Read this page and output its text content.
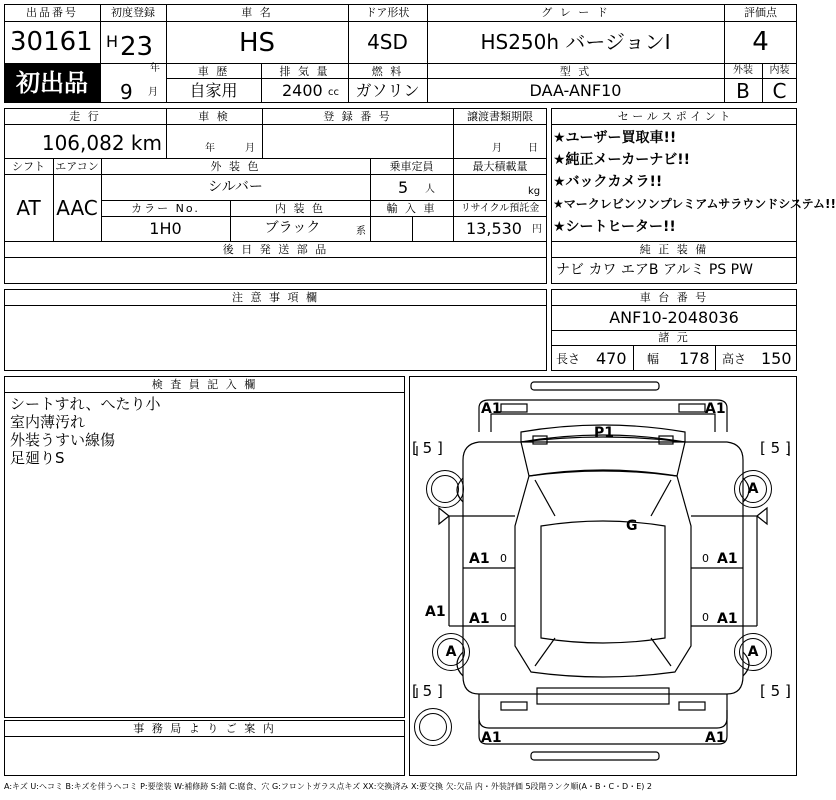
出品番号
30161
初出品
初度登録
H 23
年
9 月
車 名
HS
ドア形状
4SD
グ レ ー ド
HS250h バージョンI
評価点
4
車 歴
自家用
排 気 量
2400 cc
燃 料
ガソリン
型 式
DAA-ANF10
外装
B
内装
C
走 行
106,082 km
車 検
年	月
登 録 番 号	譲渡書類期限
月	日
シフト
AT
エアコン
AAC
外 装 色
シルバー
乗車定員
5 人
最大積載量
kg
カラー No.
1H0
内 装 色
ブラック	系
輸 入 車	リサイクル預託金
13,530 円
後 日 発 送 部 品
セ ー ル ス ポ イ ン ト
★ユーザー買取車!!
★純正メーカーナビ!!
★バックカメラ!!
★マークレビンソンプレミアムサラウンドシステム!!
★シートヒーター!!
純 正 装 備
ナビ カワ エアB アルミ PS PW
注 意 事 項 欄	車 台 番 号
ANF10-2048036
諸 元
長さ 470 幅 178 高さ 150
検 査 員 記 入 欄
シートすれ、へたり小
室内薄汚れ
外装うすい線傷
足廻りS
事 務 局 よ り ご 案 内
A1	A1
P1
G
A1	A1
A1 A1	A1
A1	A1
0
0
0
0
[ 5 ]	[ 5 ]
[ 5 ]	[ 5 ]
A
A	A
A:キズ U:ヘコミ B:キズを伴うヘコミ P:要塗装 W:補修跡 S:錆 C:腐食、穴 G:フロントガラス点キズ XX:交換済み X:要交換 欠:欠品 内・外装評価 5段階ランク順(A・B・C・D・E) 2
